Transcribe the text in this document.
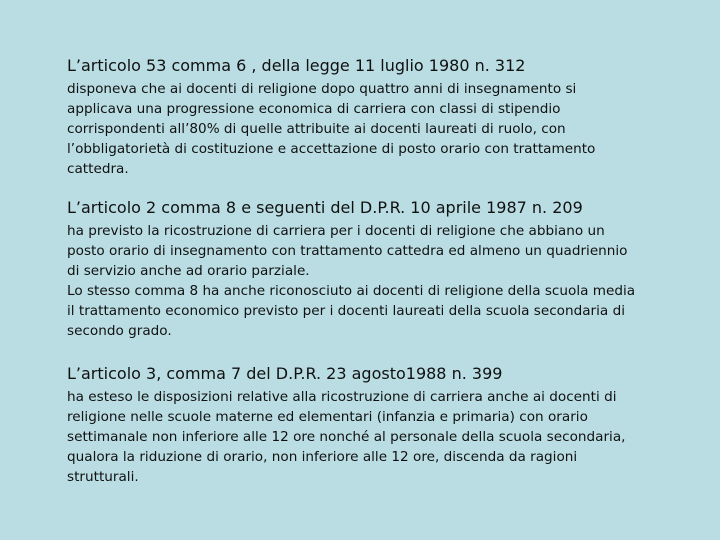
L’articolo 53 comma 6 , della legge 11 luglio 1980 n. 312

disponeva che ai docenti di religione dopo quattro anni di insegnamento si
applicava una progressione economica di carriera con classi di stipendio
corrispondenti all’80% di quelle attribuite ai docenti laureati di ruolo, con
l’obbligatorietà di costituzione e accettazione di posto orario con trattamento
cattedra.

L’articolo 2 comma 8 e seguenti del D.P.R. 10 aprile 1987 n. 209

ha previsto la ricostruzione di carriera per i docenti di religione che abbiano un
posto orario di insegnamento con trattamento cattedra ed almeno un quadriennio
di servizio anche ad orario parziale.

Lo stesso comma 8 ha anche riconosciuto ai docenti di religione della scuola media
il trattamento economico previsto per i docenti laureati della scuola secondaria di
secondo grado.

L’articolo 3, comma 7 del D.P.R. 23 agosto1988 n. 399

ha esteso le disposizioni relative alla ricostruzione di carriera anche ai docenti di
religione nelle scuole materne ed elementari (infanzia e primaria) con orario
settimanale non inferiore alle 12 ore nonché al personale della scuola secondaria,
qualora la riduzione di orario, non inferiore alle 12 ore, discenda da ragioni
strutturali.
